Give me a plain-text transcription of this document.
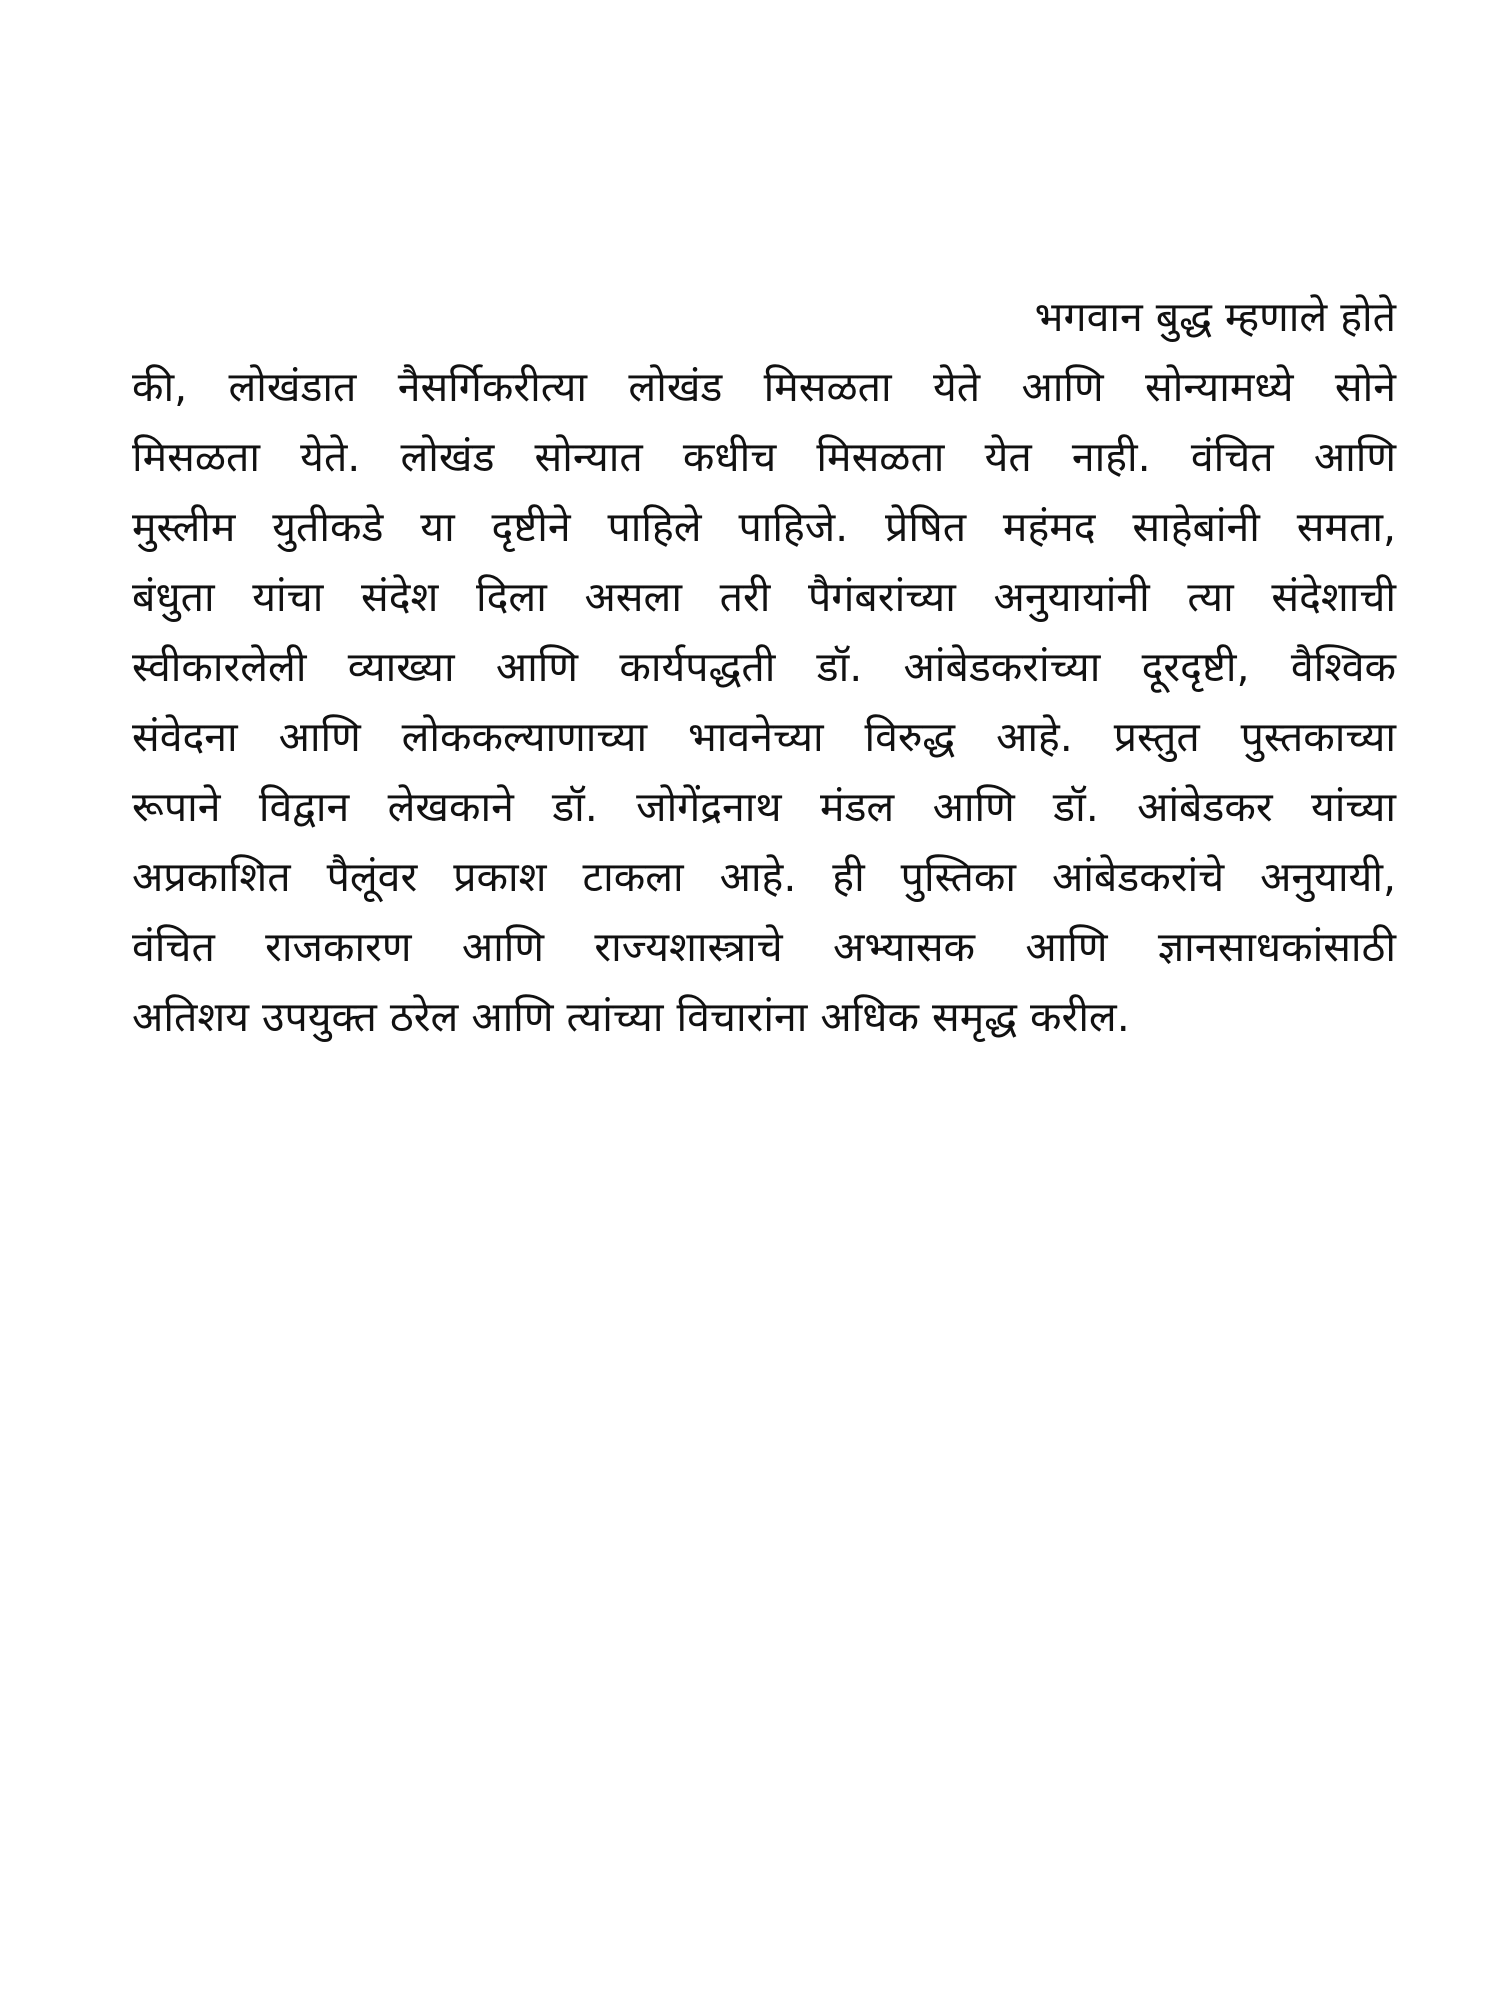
भगवान बुद्ध म्हणाले होते
की, लोखंडात नैसर्गिकरीत्या लोखंड मिसळता येते आणि सोन्यामध्ये सोने
मिसळता येते. लोखंड सोन्यात कधीच मिसळता येत नाही. वंचित आणि
मुस्लीम युतीकडे या दृष्टीने पाहिले पाहिजे. प्रेषित महंमद साहेबांनी समता,
बंधुता यांचा संदेश दिला असला तरी पैगंबरांच्या अनुयायांनी त्या संदेशाची
स्वीकारलेली व्याख्या आणि कार्यपद्धती डॉ. आंबेडकरांच्या दूरदृष्टी, वैश्विक
संवेदना आणि लोककल्याणाच्या भावनेच्या विरुद्ध आहे. प्रस्तुत पुस्तकाच्या
रूपाने विद्वान लेखकाने डॉ. जोगेंद्रनाथ मंडल आणि डॉ. आंबेडकर यांच्या
अप्रकाशित पैलूंवर प्रकाश टाकला आहे. ही पुस्तिका आंबेडकरांचे अनुयायी,
वंचित राजकारण आणि राज्यशास्त्राचे अभ्यासक आणि ज्ञानसाधकांसाठी
अतिशय उपयुक्त ठरेल आणि त्यांच्या विचारांना अधिक समृद्ध करील.
